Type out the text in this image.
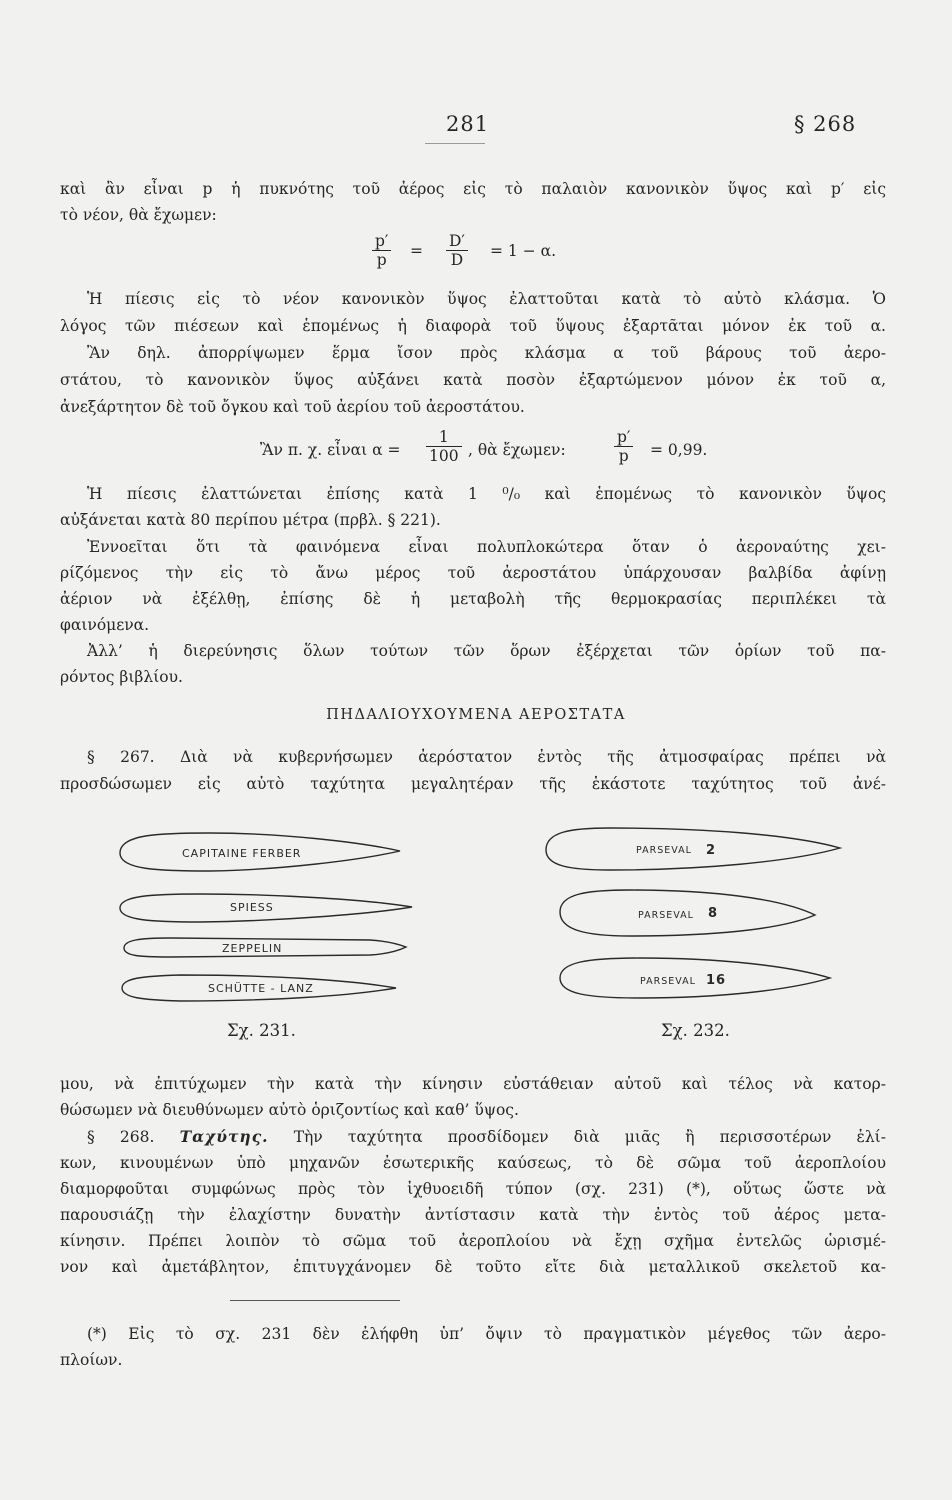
281	§ 268
καὶ ἂν εἶναι p ἡ πυκνότης τοῦ ἀέρος εἰς τὸ παλαιὸν κανονικὸν ὕψος καὶ p′ εἰς
τὸ νέον, θὰ ἔχωμεν:
$\frac{p'}{p} = \frac{D'}{D} = 1 - \alpha$.
Ἡ πίεσις εἰς τὸ νέον κανονικὸν ὕψος ἐλαττοῦται κατὰ τὸ αὐτὸ κλάσμα. Ὁ
λόγος τῶν πιέσεων καὶ ἑπομένως ἡ διαφορὰ τοῦ ὕψους ἐξαρτᾶται μόνον ἐκ τοῦ α.
Ἂν δηλ. ἀπορρίψωμεν ἕρμα ἴσον πρὸς κλάσμα α τοῦ βάρους τοῦ ἀερο-
στάτου, τὸ κανονικὸν ὕψος αὐξάνει κατὰ ποσὸν ἐξαρτώμενον μόνον ἐκ τοῦ α,
ἀνεξάρτητον δὲ τοῦ ὄγκου καὶ τοῦ ἀερίου τοῦ ἀεροστάτου.
Ἂν π. χ. εἶναι $\alpha = \frac{1}{100}$ , θὰ ἔχωμεν:	$\frac{p'}{p} = 0,99$.
Ἡ πίεσις ἐλαττώνεται ἐπίσης κατὰ 1 ⁰/₀ καὶ ἑπομένως τὸ κανονικὸν ὕψος
αὐξάνεται κατὰ 80 περίπου μέτρα (πρβλ. § 221).
Ἐννοεῖται ὅτι τὰ φαινόμενα εἶναι πολυπλοκώτερα ὅταν ὁ ἀεροναύτης χει-
ρίζόμενος τὴν εἰς τὸ ἄνω μέρος τοῦ ἀεροστάτου ὑπάρχουσαν βαλβίδα ἀφίνῃ
ἀέριον νὰ ἐξέλθῃ, ἐπίσης δὲ ἡ μεταβολὴ τῆς θερμοκρασίας περιπλέκει τὰ
φαινόμενα.
Ἀλλ’ ἡ διερεύνησις ὅλων τούτων τῶν ὅρων ἐξέρχεται τῶν ὁρίων τοῦ πα-
ρόντος βιβλίου.
ΠΗΔΑΛΙΟΥΧΟΥΜΕΝΑ ΑΕΡΟΣΤΑΤΑ
§ 267. Διὰ νὰ κυβερνήσωμεν ἀερόστατον ἐντὸς τῆς ἀτμοσφαίρας πρέπει νὰ
προσδώσωμεν εἰς αὐτὸ ταχύτητα μεγαλητέραν τῆς ἑκάστοτε ταχύτητος τοῦ ἀνέ-
CAPITAINE FERBER
SPIESS
ZEPPELIN
SCHÜTTE - LANZ
PARSEVAL 2
PARSEVAL 8
PARSEVAL 16
Σχ. 231.	Σχ. 232.
μου, νὰ ἐπιτύχωμεν τὴν κατὰ τὴν κίνησιν εὐστάθειαν αὐτοῦ καὶ τέλος νὰ κατορ-
θώσωμεν νὰ διευθύνωμεν αὐτὸ ὁριζοντίως καὶ καθ’ ὕψος.
§ 268. Ταχύτης. Τὴν ταχύτητα προσδίδομεν διὰ μιᾶς ἢ περισσοτέρων ἑλί-
κων, κινουμένων ὑπὸ μηχανῶν ἐσωτερικῆς καύσεως, τὸ δὲ σῶμα τοῦ ἀεροπλοίου
διαμορφοῦται συμφώνως πρὸς τὸν ἰχθυοειδῆ τύπον (σχ. 231) (*), οὕτως ὥστε νὰ
παρουσιάζῃ τὴν ἐλαχίστην δυνατὴν ἀντίστασιν κατὰ τὴν ἐντὸς τοῦ ἀέρος μετα-
κίνησιν. Πρέπει λοιπὸν τὸ σῶμα τοῦ ἀεροπλοίου νὰ ἔχῃ σχῆμα ἐντελῶς ὡρισμέ-
νον καὶ ἀμετάβλητον, ἐπιτυγχάνομεν δὲ τοῦτο εἴτε διὰ μεταλλικοῦ σκελετοῦ κα-
(*) Εἰς τὸ σχ. 231 δὲν ἐλήφθη ὑπ’ ὄψιν τὸ πραγματικὸν μέγεθος τῶν ἀερο-
πλοίων.
